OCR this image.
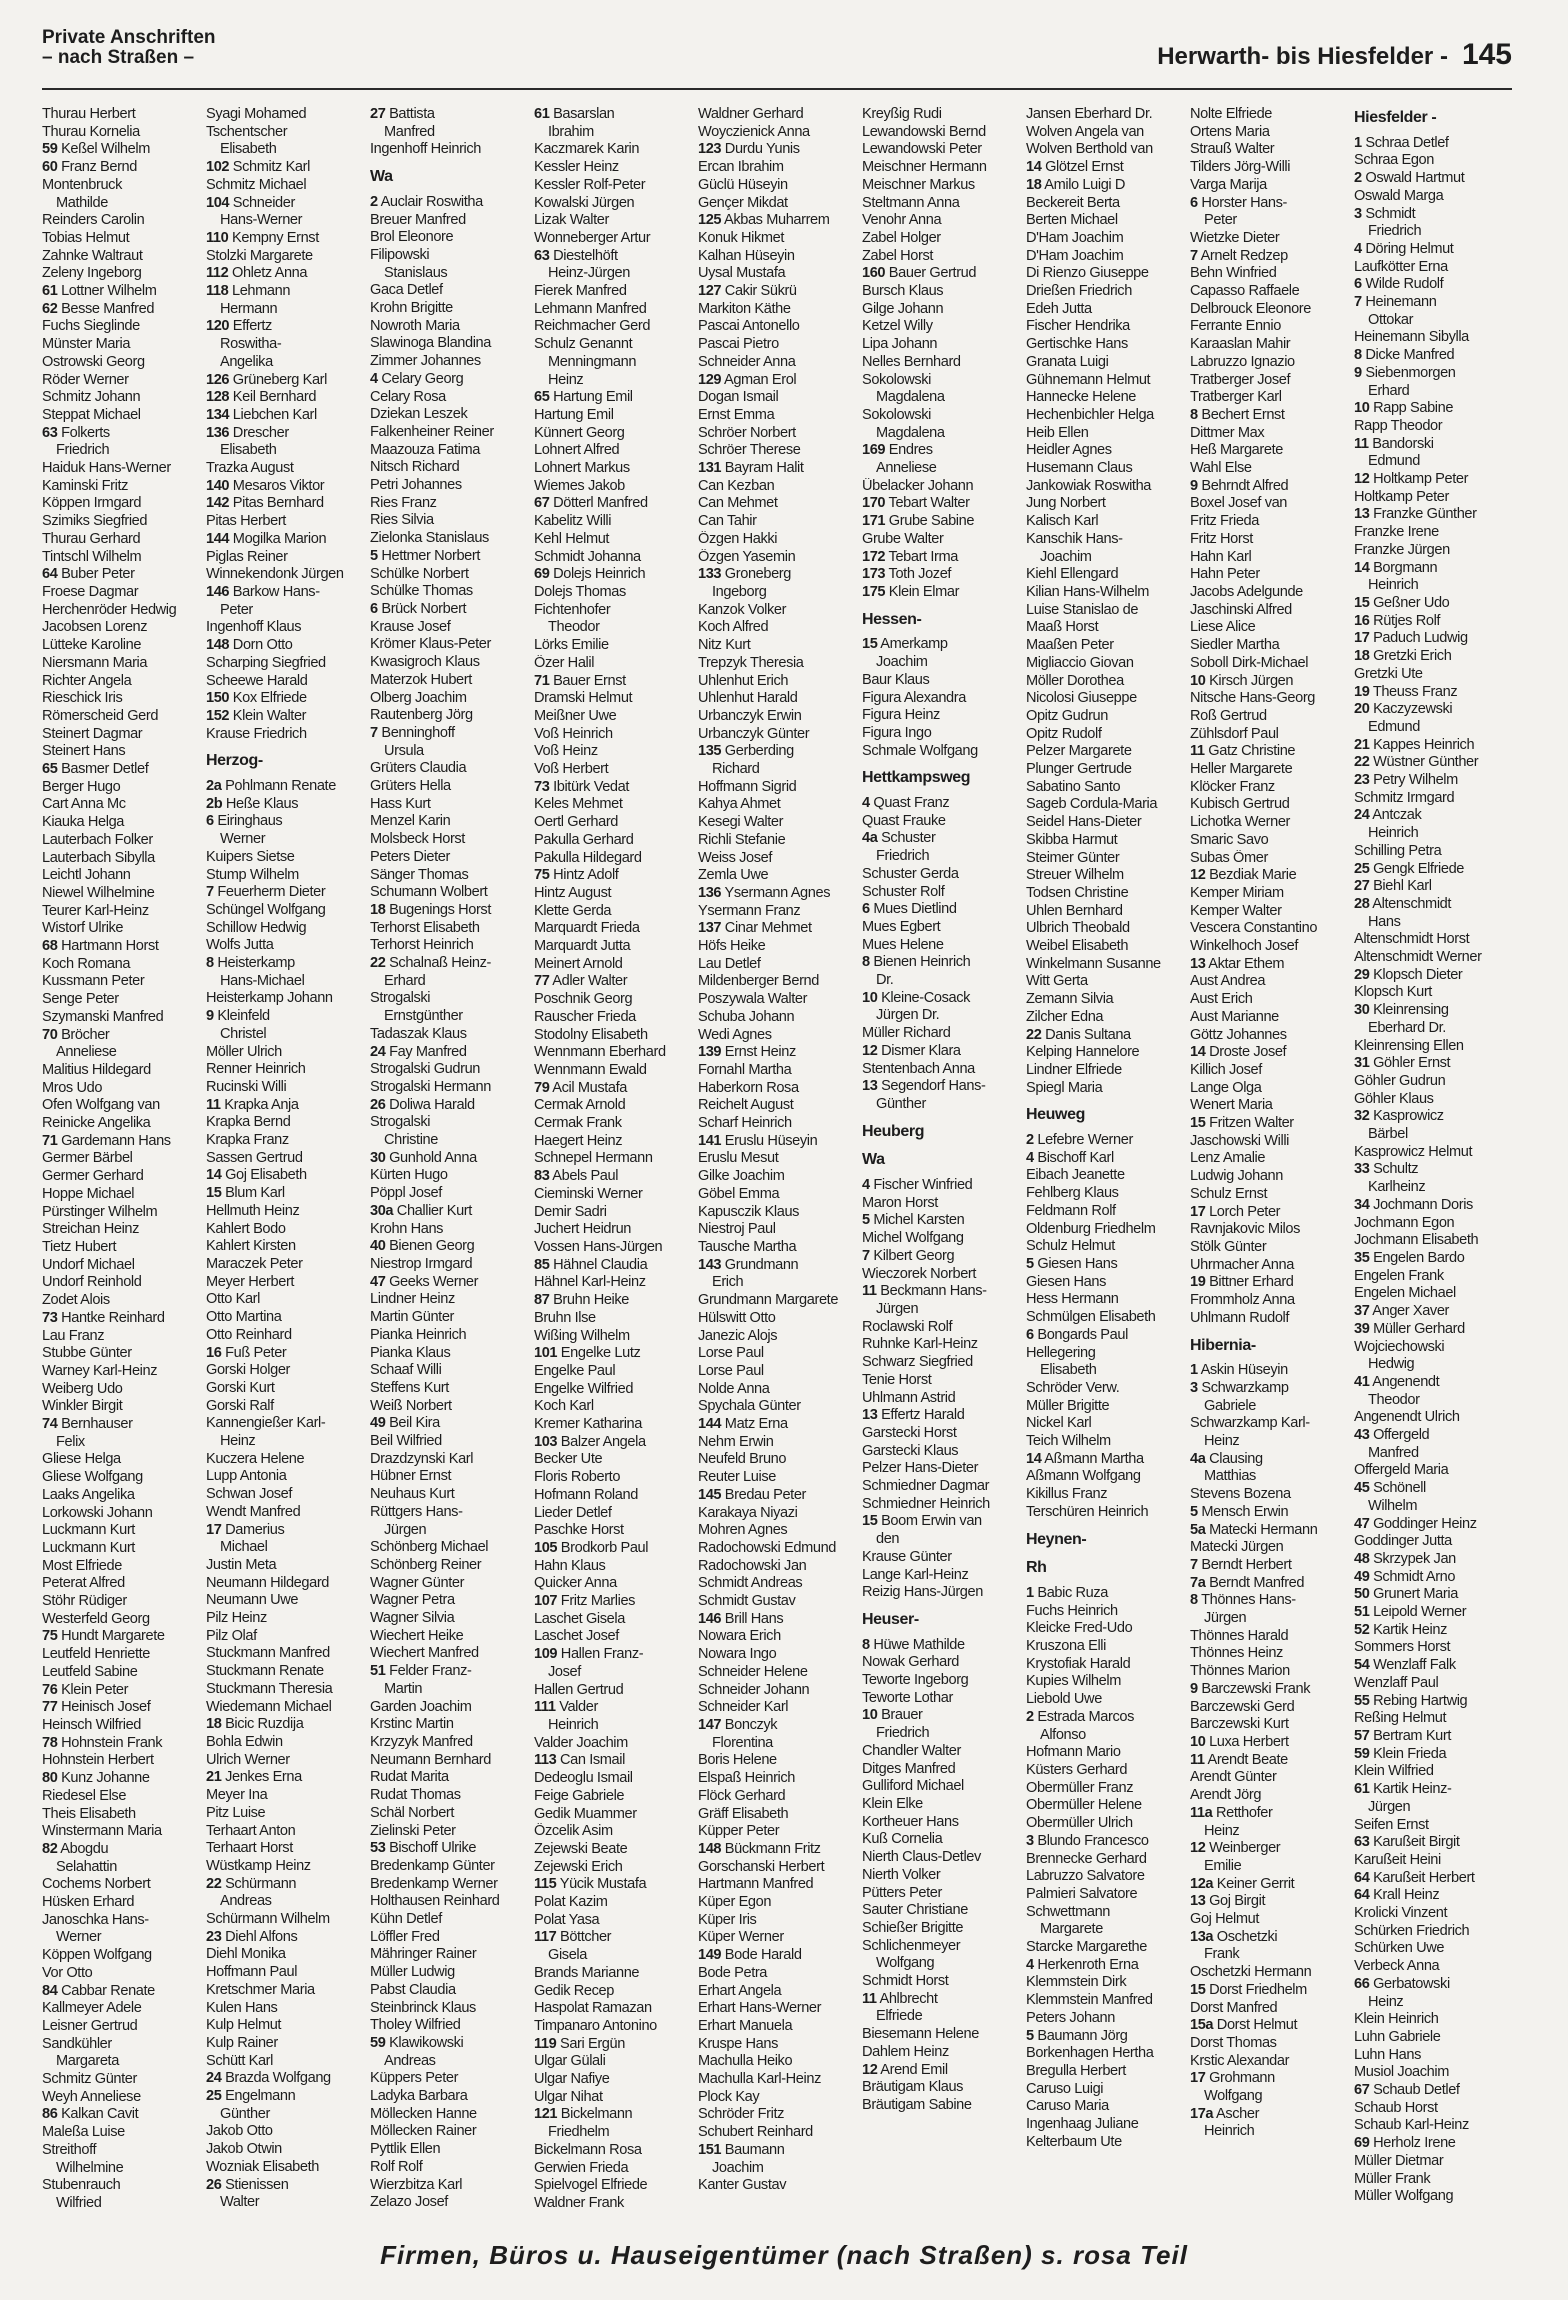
Private Anschriften
– nach Straßen –	Herwarth- bis Hiesfelder - 145
Thurau Herbert
Thurau Kornelia
59 Keßel Wilhelm
60 Franz Bernd
Montenbruck
Mathilde
Reinders Carolin
Tobias Helmut
Zahnke Waltraut
Zeleny Ingeborg
61 Lottner Wilhelm
62 Besse Manfred
Fuchs Sieglinde
Münster Maria
Ostrowski Georg
Röder Werner
Schmitz Johann
Steppat Michael
63 Folkerts
Friedrich
Haiduk Hans-Werner
Kaminski Fritz
Köppen Irmgard
Szimiks Siegfried
Thurau Gerhard
Tintschl Wilhelm
64 Buber Peter
Froese Dagmar
Herchenröder Hedwig
Jacobsen Lorenz
Lütteke Karoline
Niersmann Maria
Richter Angela
Rieschick Iris
Römerscheid Gerd
Steinert Dagmar
Steinert Hans
65 Basmer Detlef
Berger Hugo
Cart Anna Mc
Kiauka Helga
Lauterbach Folker
Lauterbach Sibylla
Leichtl Johann
Niewel Wilhelmine
Teurer Karl-Heinz
Wistorf Ulrike
68 Hartmann Horst
Koch Romana
Kussmann Peter
Senge Peter
Szymanski Manfred
70 Bröcher
Anneliese
Malitius Hildegard
Mros Udo
Ofen Wolfgang van
Reinicke Angelika
71 Gardemann Hans
Germer Bärbel
Germer Gerhard
Hoppe Michael
Pürstinger Wilhelm
Streichan Heinz
Tietz Hubert
Undorf Michael
Undorf Reinhold
Zodet Alois
73 Hantke Reinhard
Lau Franz
Stubbe Günter
Warney Karl-Heinz
Weiberg Udo
Winkler Birgit
74 Bernhauser
Felix
Gliese Helga
Gliese Wolfgang
Laaks Angelika
Lorkowski Johann
Luckmann Kurt
Luckmann Kurt
Most Elfriede
Peterat Alfred
Stöhr Rüdiger
Westerfeld Georg
75 Hundt Margarete
Leutfeld Henriette
Leutfeld Sabine
76 Klein Peter
77 Heinisch Josef
Heinsch Wilfried
78 Hohnstein Frank
Hohnstein Herbert
80 Kunz Johanne
Riedesel Else
Theis Elisabeth
Winstermann Maria
82 Abogdu
Selahattin
Cochems Norbert
Hüsken Erhard
Janoschka Hans-
Werner
Köppen Wolfgang
Vor Otto
84 Cabbar Renate
Kallmeyer Adele
Leisner Gertrud
Sandkühler
Margareta
Schmitz Günter
Weyh Anneliese
86 Kalkan Cavit
Maleßa Luise
Streithoff
Wilhelmine
Stubenrauch
Wilfried
Syagi Mohamed
Tschentscher
Elisabeth
102 Schmitz Karl
Schmitz Michael
104 Schneider
Hans-Werner
110 Kempny Ernst
Stolzki Margarete
112 Ohletz Anna
118 Lehmann
Hermann
120 Effertz
Roswitha-
Angelika
126 Grüneberg Karl
128 Keil Bernhard
134 Liebchen Karl
136 Drescher
Elisabeth
Trazka August
140 Mesaros Viktor
142 Pitas Bernhard
Pitas Herbert
144 Mogilka Marion
Piglas Reiner
Winnekendonk Jürgen
146 Barkow Hans-
Peter
Ingenhoff Klaus
148 Dorn Otto
Scharping Siegfried
Scheewe Harald
150 Kox Elfriede
152 Klein Walter
Krause Friedrich
Herzog-
2a Pohlmann Renate
2b Heße Klaus
6 Eiringhaus
Werner
Kuipers Sietse
Stump Wilhelm
7 Feuerherm Dieter
Schüngel Wolfgang
Schillow Hedwig
Wolfs Jutta
8 Heisterkamp
Hans-Michael
Heisterkamp Johann
9 Kleinfeld
Christel
Möller Ulrich
Renner Heinrich
Rucinski Willi
11 Krapka Anja
Krapka Bernd
Krapka Franz
Sassen Gertrud
14 Goj Elisabeth
15 Blum Karl
Hellmuth Heinz
Kahlert Bodo
Kahlert Kirsten
Maraczek Peter
Meyer Herbert
Otto Karl
Otto Martina
Otto Reinhard
16 Fuß Peter
Gorski Holger
Gorski Kurt
Gorski Ralf
Kannengießer Karl-
Heinz
Kuczera Helene
Lupp Antonia
Schwan Josef
Wendt Manfred
17 Damerius
Michael
Justin Meta
Neumann Hildegard
Neumann Uwe
Pilz Heinz
Pilz Olaf
Stuckmann Manfred
Stuckmann Renate
Stuckmann Theresia
Wiedemann Michael
18 Bicic Ruzdija
Bohla Edwin
Ulrich Werner
21 Jenkes Erna
Meyer Ina
Pitz Luise
Terhaart Anton
Terhaart Horst
Wüstkamp Heinz
22 Schürmann
Andreas
Schürmann Wilhelm
23 Diehl Alfons
Diehl Monika
Hoffmann Paul
Kretschmer Maria
Kulen Hans
Kulp Helmut
Kulp Rainer
Schütt Karl
24 Brazda Wolfgang
25 Engelmann
Günther
Jakob Otto
Jakob Otwin
Wozniak Elisabeth
26 Stienissen
Walter
27 Battista
Manfred
Ingenhoff Heinrich
Wa
2 Auclair Roswitha
Breuer Manfred
Brol Eleonore
Filipowski
Stanislaus
Gaca Detlef
Krohn Brigitte
Nowroth Maria
Slawinoga Blandina
Zimmer Johannes
4 Celary Georg
Celary Rosa
Dziekan Leszek
Falkenheiner Reiner
Maazouza Fatima
Nitsch Richard
Petri Johannes
Ries Franz
Ries Silvia
Zielonka Stanislaus
5 Hettmer Norbert
Schülke Norbert
Schülke Thomas
6 Brück Norbert
Krause Josef
Krömer Klaus-Peter
Kwasigroch Klaus
Materzok Hubert
Olberg Joachim
Rautenberg Jörg
7 Benninghoff
Ursula
Grüters Claudia
Grüters Hella
Hass Kurt
Menzel Karin
Molsbeck Horst
Peters Dieter
Sänger Thomas
Schumann Wolbert
18 Bugenings Horst
Terhorst Elisabeth
Terhorst Heinrich
22 Schalnaß Heinz-
Erhard
Strogalski
Ernstgünther
Tadaszak Klaus
24 Fay Manfred
Strogalski Gudrun
Strogalski Hermann
26 Doliwa Harald
Strogalski
Christine
30 Gunhold Anna
Kürten Hugo
Pöppl Josef
30a Challier Kurt
Krohn Hans
40 Bienen Georg
Niestrop Irmgard
47 Geeks Werner
Lindner Heinz
Martin Günter
Pianka Heinrich
Pianka Klaus
Schaaf Willi
Steffens Kurt
Weiß Norbert
49 Beil Kira
Beil Wilfried
Drazdzynski Karl
Hübner Ernst
Neuhaus Kurt
Rüttgers Hans-
Jürgen
Schönberg Michael
Schönberg Reiner
Wagner Günter
Wagner Petra
Wagner Silvia
Wiechert Heike
Wiechert Manfred
51 Felder Franz-
Martin
Garden Joachim
Krstinc Martin
Krzyzyk Manfred
Neumann Bernhard
Rudat Marita
Rudat Thomas
Schäl Norbert
Zielinski Peter
53 Bischoff Ulrike
Bredenkamp Günter
Bredenkamp Werner
Holthausen Reinhard
Kühn Detlef
Löffler Fred
Mähringer Rainer
Müller Ludwig
Pabst Claudia
Steinbrinck Klaus
Tholey Wilfried
59 Klawikowski
Andreas
Küppers Peter
Ladyka Barbara
Möllecken Hanne
Möllecken Rainer
Pyttlik Ellen
Rolf Rolf
Wierzbitza Karl
Zelazo Josef
61 Basarslan
Ibrahim
Kaczmarek Karin
Kessler Heinz
Kessler Rolf-Peter
Kowalski Jürgen
Lizak Walter
Wonneberger Artur
63 Diestelhöft
Heinz-Jürgen
Fierek Manfred
Lehmann Manfred
Reichmacher Gerd
Schulz Genannt
Menningmann
Heinz
65 Hartung Emil
Hartung Emil
Künnert Georg
Lohnert Alfred
Lohnert Markus
Wiemes Jakob
67 Dötterl Manfred
Kabelitz Willi
Kehl Helmut
Schmidt Johanna
69 Dolejs Heinrich
Dolejs Thomas
Fichtenhofer
Theodor
Lörks Emilie
Özer Halil
71 Bauer Ernst
Dramski Helmut
Meißner Uwe
Voß Heinrich
Voß Heinz
Voß Herbert
73 Ibitürk Vedat
Keles Mehmet
Oertl Gerhard
Pakulla Gerhard
Pakulla Hildegard
75 Hintz Adolf
Hintz August
Klette Gerda
Marquardt Frieda
Marquardt Jutta
Meinert Arnold
77 Adler Walter
Poschnik Georg
Rauscher Frieda
Stodolny Elisabeth
Wennmann Eberhard
Wennmann Ewald
79 Acil Mustafa
Cermak Arnold
Cermak Frank
Haegert Heinz
Schnepel Hermann
83 Abels Paul
Cieminski Werner
Demir Sadri
Juchert Heidrun
Vossen Hans-Jürgen
85 Hähnel Claudia
Hähnel Karl-Heinz
87 Bruhn Heike
Bruhn Ilse
Wißing Wilhelm
101 Engelke Lutz
Engelke Paul
Engelke Wilfried
Koch Karl
Kremer Katharina
103 Balzer Angela
Becker Ute
Floris Roberto
Hofmann Roland
Lieder Detlef
Paschke Horst
105 Brodkorb Paul
Hahn Klaus
Quicker Anna
107 Fritz Marlies
Laschet Gisela
Laschet Josef
109 Hallen Franz-
Josef
Hallen Gertrud
111 Valder
Heinrich
Valder Joachim
113 Can Ismail
Dedeoglu Ismail
Feige Gabriele
Gedik Muammer
Özcelik Asim
Zejewski Beate
Zejewski Erich
115 Yücik Mustafa
Polat Kazim
Polat Yasa
117 Böttcher
Gisela
Brands Marianne
Gedik Recep
Haspolat Ramazan
Timpanaro Antonino
119 Sari Ergün
Ulgar Gülali
Ulgar Nafiye
Ulgar Nihat
121 Bickelmann
Friedhelm
Bickelmann Rosa
Gerwien Frieda
Spielvogel Elfriede
Waldner Frank
Waldner Gerhard
Woyczienick Anna
123 Durdu Yunis
Ercan Ibrahim
Güclü Hüseyin
Gençer Mikdat
125 Akbas Muharrem
Konuk Hikmet
Kalhan Hüseyin
Uysal Mustafa
127 Cakir Sükrü
Markiton Käthe
Pascai Antonello
Pascai Pietro
Schneider Anna
129 Agman Erol
Dogan Ismail
Ernst Emma
Schröer Norbert
Schröer Therese
131 Bayram Halit
Can Kezban
Can Mehmet
Can Tahir
Özgen Hakki
Özgen Yasemin
133 Groneberg
Ingeborg
Kanzok Volker
Koch Alfred
Nitz Kurt
Trepzyk Theresia
Uhlenhut Erich
Uhlenhut Harald
Urbanczyk Erwin
Urbanczyk Günter
135 Gerberding
Richard
Hoffmann Sigrid
Kahya Ahmet
Kesegi Walter
Richli Stefanie
Weiss Josef
Zemla Uwe
136 Ysermann Agnes
Ysermann Franz
137 Cinar Mehmet
Höfs Heike
Lau Detlef
Mildenberger Bernd
Poszywala Walter
Schuba Johann
Wedi Agnes
139 Ernst Heinz
Fornahl Martha
Haberkorn Rosa
Reichelt August
Scharf Heinrich
141 Eruslu Hüseyin
Eruslu Mesut
Gilke Joachim
Göbel Emma
Kapusczik Klaus
Niestroj Paul
Tausche Martha
143 Grundmann
Erich
Grundmann Margarete
Hülswitt Otto
Janezic Alojs
Lorse Paul
Lorse Paul
Nolde Anna
Spychala Günter
144 Matz Erna
Nehm Erwin
Neufeld Bruno
Reuter Luise
145 Bredau Peter
Karakaya Niyazi
Mohren Agnes
Radochowski Edmund
Radochowski Jan
Schmidt Andreas
Schmidt Gustav
146 Brill Hans
Nowara Erich
Nowara Ingo
Schneider Helene
Schneider Johann
Schneider Karl
147 Bonczyk
Florentina
Boris Helene
Elspaß Heinrich
Flöck Gerhard
Gräff Elisabeth
Küpper Peter
148 Bückmann Fritz
Gorschanski Herbert
Hartmann Manfred
Küper Egon
Küper Iris
Küper Werner
149 Bode Harald
Bode Petra
Erhart Angela
Erhart Hans-Werner
Erhart Manuela
Kruspe Hans
Machulla Heiko
Machulla Karl-Heinz
Plock Kay
Schröder Fritz
Schubert Reinhard
151 Baumann
Joachim
Kanter Gustav
Kreyßig Rudi
Lewandowski Bernd
Lewandowski Peter
Meischner Hermann
Meischner Markus
Steltmann Anna
Venohr Anna
Zabel Holger
Zabel Horst
160 Bauer Gertrud
Bursch Klaus
Gilge Johann
Ketzel Willy
Lipa Johann
Nelles Bernhard
Sokolowski
Magdalena
Sokolowski
Magdalena
169 Endres
Anneliese
Übelacker Johann
170 Tebart Walter
171 Grube Sabine
Grube Walter
172 Tebart Irma
173 Toth Jozef
175 Klein Elmar
Hessen-
15 Amerkamp
Joachim
Baur Klaus
Figura Alexandra
Figura Heinz
Figura Ingo
Schmale Wolfgang
Hettkampsweg
4 Quast Franz
Quast Frauke
4a Schuster
Friedrich
Schuster Gerda
Schuster Rolf
6 Mues Dietlind
Mues Egbert
Mues Helene
8 Bienen Heinrich
Dr.
10 Kleine-Cosack
Jürgen Dr.
Müller Richard
12 Dismer Klara
Stentenbach Anna
13 Segendorf Hans-
Günther
Heuberg
Wa
4 Fischer Winfried
Maron Horst
5 Michel Karsten
Michel Wolfgang
7 Kilbert Georg
Wieczorek Norbert
11 Beckmann Hans-
Jürgen
Roclawski Rolf
Ruhnke Karl-Heinz
Schwarz Siegfried
Tenie Horst
Uhlmann Astrid
13 Effertz Harald
Garstecki Horst
Garstecki Klaus
Pelzer Hans-Dieter
Schmiedner Dagmar
Schmiedner Heinrich
15 Boom Erwin van
den
Krause Günter
Lange Karl-Heinz
Reizig Hans-Jürgen
Heuser-
8 Hüwe Mathilde
Nowak Gerhard
Teworte Ingeborg
Teworte Lothar
10 Brauer
Friedrich
Chandler Walter
Ditges Manfred
Gulliford Michael
Klein Elke
Kortheuer Hans
Kuß Cornelia
Nierth Claus-Detlev
Nierth Volker
Pütters Peter
Sauter Christiane
Schießer Brigitte
Schlichenmeyer
Wolfgang
Schmidt Horst
11 Ahlbrecht
Elfriede
Biesemann Helene
Dahlem Heinz
12 Arend Emil
Bräutigam Klaus
Bräutigam Sabine
Jansen Eberhard Dr.
Wolven Angela van
Wolven Berthold van
14 Glötzel Ernst
18 Amilo Luigi D
Beckereit Berta
Berten Michael
D'Ham Joachim
D'Ham Joachim
Di Rienzo Giuseppe
Drießen Friedrich
Edeh Jutta
Fischer Hendrika
Gertischke Hans
Granata Luigi
Gühnemann Helmut
Hannecke Helene
Hechenbichler Helga
Heib Ellen
Heidler Agnes
Husemann Claus
Jankowiak Roswitha
Jung Norbert
Kalisch Karl
Kanschik Hans-
Joachim
Kiehl Ellengard
Kilian Hans-Wilhelm
Luise Stanislao de
Maaß Horst
Maaßen Peter
Migliaccio Giovan
Möller Dorothea
Nicolosi Giuseppe
Opitz Gudrun
Opitz Rudolf
Pelzer Margarete
Plunger Gertrude
Sabatino Santo
Sageb Cordula-Maria
Seidel Hans-Dieter
Skibba Harmut
Steimer Günter
Streuer Wilhelm
Todsen Christine
Uhlen Bernhard
Ulbrich Theobald
Weibel Elisabeth
Winkelmann Susanne
Witt Gerta
Zemann Silvia
Zilcher Edna
22 Danis Sultana
Kelping Hannelore
Lindner Elfriede
Spiegl Maria
Heuweg
2 Lefebre Werner
4 Bischoff Karl
Eibach Jeanette
Fehlberg Klaus
Feldmann Rolf
Oldenburg Friedhelm
Schulz Helmut
5 Giesen Hans
Giesen Hans
Hess Hermann
Schmülgen Elisabeth
6 Bongards Paul
Hellegering
Elisabeth
Schröder Verw.
Müller Brigitte
Nickel Karl
Teich Wilhelm
14 Aßmann Martha
Aßmann Wolfgang
Kikillus Franz
Terschüren Heinrich
Heynen-
Rh
1 Babic Ruza
Fuchs Heinrich
Kleicke Fred-Udo
Kruszona Elli
Krystofiak Harald
Kupies Wilhelm
Liebold Uwe
2 Estrada Marcos
Alfonso
Hofmann Mario
Küsters Gerhard
Obermüller Franz
Obermüller Helene
Obermüller Ulrich
3 Blundo Francesco
Brennecke Gerhard
Labruzzo Salvatore
Palmieri Salvatore
Schwettmann
Margarete
Starcke Margarethe
4 Herkenroth Erna
Klemmstein Dirk
Klemmstein Manfred
Peters Johann
5 Baumann Jörg
Borkenhagen Hertha
Bregulla Herbert
Caruso Luigi
Caruso Maria
Ingenhaag Juliane
Kelterbaum Ute
Nolte Elfriede
Ortens Maria
Strauß Walter
Tilders Jörg-Willi
Varga Marija
6 Horster Hans-
Peter
Wietzke Dieter
7 Arnelt Redzep
Behn Winfried
Capasso Raffaele
Delbrouck Eleonore
Ferrante Ennio
Karaaslan Mahir
Labruzzo Ignazio
Tratberger Josef
Tratberger Karl
8 Bechert Ernst
Dittmer Max
Heß Margarete
Wahl Else
9 Behrndt Alfred
Boxel Josef van
Fritz Frieda
Fritz Horst
Hahn Karl
Hahn Peter
Jacobs Adelgunde
Jaschinski Alfred
Liese Alice
Siedler Martha
Soboll Dirk-Michael
10 Kirsch Jürgen
Nitsche Hans-Georg
Roß Gertrud
Zühlsdorf Paul
11 Gatz Christine
Heller Margarete
Klöcker Franz
Kubisch Gertrud
Lichotka Werner
Smaric Savo
Subas Ömer
12 Bezdiak Marie
Kemper Miriam
Kemper Walter
Vescera Constantino
Winkelhoch Josef
13 Aktar Ethem
Aust Andrea
Aust Erich
Aust Marianne
Göttz Johannes
14 Droste Josef
Killich Josef
Lange Olga
Wenert Maria
15 Fritzen Walter
Jaschowski Willi
Lenz Amalie
Ludwig Johann
Schulz Ernst
17 Lorch Peter
Ravnjakovic Milos
Stölk Günter
Uhrmacher Anna
19 Bittner Erhard
Frommholz Anna
Uhlmann Rudolf
Hibernia-
1 Askin Hüseyin
3 Schwarzkamp
Gabriele
Schwarzkamp Karl-
Heinz
4a Clausing
Matthias
Stevens Bozena
5 Mensch Erwin
5a Matecki Hermann
Matecki Jürgen
7 Berndt Herbert
7a Berndt Manfred
8 Thönnes Hans-
Jürgen
Thönnes Harald
Thönnes Heinz
Thönnes Marion
9 Barczewski Frank
Barczewski Gerd
Barczewski Kurt
10 Luxa Herbert
11 Arendt Beate
Arendt Günter
Arendt Jörg
11a Retthofer
Heinz
12 Weinberger
Emilie
12a Keiner Gerrit
13 Goj Birgit
Goj Helmut
13a Oschetzki
Frank
Oschetzki Hermann
15 Dorst Friedhelm
Dorst Manfred
15a Dorst Helmut
Dorst Thomas
Krstic Alexandar
17 Grohmann
Wolfgang
17a Ascher
Heinrich
Hiesfelder -
1 Schraa Detlef
Schraa Egon
2 Oswald Hartmut
Oswald Marga
3 Schmidt
Friedrich
4 Döring Helmut
Laufkötter Erna
6 Wilde Rudolf
7 Heinemann
Ottokar
Heinemann Sibylla
8 Dicke Manfred
9 Siebenmorgen
Erhard
10 Rapp Sabine
Rapp Theodor
11 Bandorski
Edmund
12 Holtkamp Peter
Holtkamp Peter
13 Franzke Günther
Franzke Irene
Franzke Jürgen
14 Borgmann
Heinrich
15 Geßner Udo
16 Rütjes Rolf
17 Paduch Ludwig
18 Gretzki Erich
Gretzki Ute
19 Theuss Franz
20 Kaczyzewski
Edmund
21 Kappes Heinrich
22 Wüstner Günther
23 Petry Wilhelm
Schmitz Irmgard
24 Antczak
Heinrich
Schilling Petra
25 Gengk Elfriede
27 Biehl Karl
28 Altenschmidt
Hans
Altenschmidt Horst
Altenschmidt Werner
29 Klopsch Dieter
Klopsch Kurt
30 Kleinrensing
Eberhard Dr.
Kleinrensing Ellen
31 Göhler Ernst
Göhler Gudrun
Göhler Klaus
32 Kasprowicz
Bärbel
Kasprowicz Helmut
33 Schultz
Karlheinz
34 Jochmann Doris
Jochmann Egon
Jochmann Elisabeth
35 Engelen Bardo
Engelen Frank
Engelen Michael
37 Anger Xaver
39 Müller Gerhard
Wojciechowski
Hedwig
41 Angenendt
Theodor
Angenendt Ulrich
43 Offergeld
Manfred
Offergeld Maria
45 Schönell
Wilhelm
47 Goddinger Heinz
Goddinger Jutta
48 Skrzypek Jan
49 Schmidt Arno
50 Grunert Maria
51 Leipold Werner
52 Kartik Heinz
Sommers Horst
54 Wenzlaff Falk
Wenzlaff Paul
55 Rebing Hartwig
Reßing Helmut
57 Bertram Kurt
59 Klein Frieda
Klein Wilfried
61 Kartik Heinz-
Jürgen
Seifen Ernst
63 Karußeit Birgit
Karußeit Heini
64 Karußeit Herbert
64 Krall Heinz
Krolicki Vinzent
Schürken Friedrich
Schürken Uwe
Verbeck Anna
66 Gerbatowski
Heinz
Klein Heinrich
Luhn Gabriele
Luhn Hans
Musiol Joachim
67 Schaub Detlef
Schaub Horst
Schaub Karl-Heinz
69 Herholz Irene
Müller Dietmar
Müller Frank
Müller Wolfgang
Firmen, Büros u. Hauseigentümer (nach Straßen) s. rosa Teil
